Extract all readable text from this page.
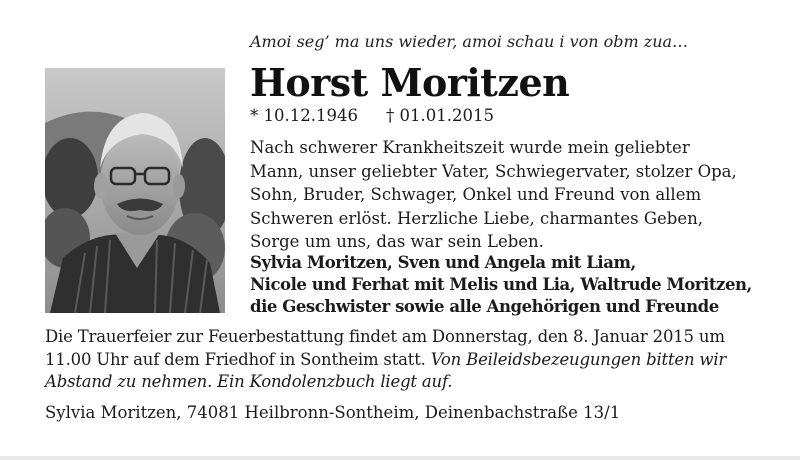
Amoi seg’ ma uns wieder, amoi schau i von obm zua…
Horst Moritzen
* 10.12.1946 † 01.01.2015
Nach schwerer Krankheitszeit wurde mein geliebter
Mann, unser geliebter Vater, Schwiegervater, stolzer Opa,
Sohn, Bruder, Schwager, Onkel und Freund von allem
Schweren erlöst. Herzliche Liebe, charmantes Geben,
Sorge um uns, das war sein Leben.
Sylvia Moritzen, Sven und Angela mit Liam,
Nicole und Ferhat mit Melis und Lia, Waltrude Moritzen,
die Geschwister sowie alle Angehörigen und Freunde
Die Trauerfeier zur Feuerbestattung findet am Donnerstag, den 8. Januar 2015 um
11.00 Uhr auf dem Friedhof in Sontheim statt. Von Beileidsbezeugungen bitten wir
Abstand zu nehmen. Ein Kondolenzbuch liegt auf.
Sylvia Moritzen, 74081 Heilbronn-Sontheim, Deinenbachstraße 13/1
